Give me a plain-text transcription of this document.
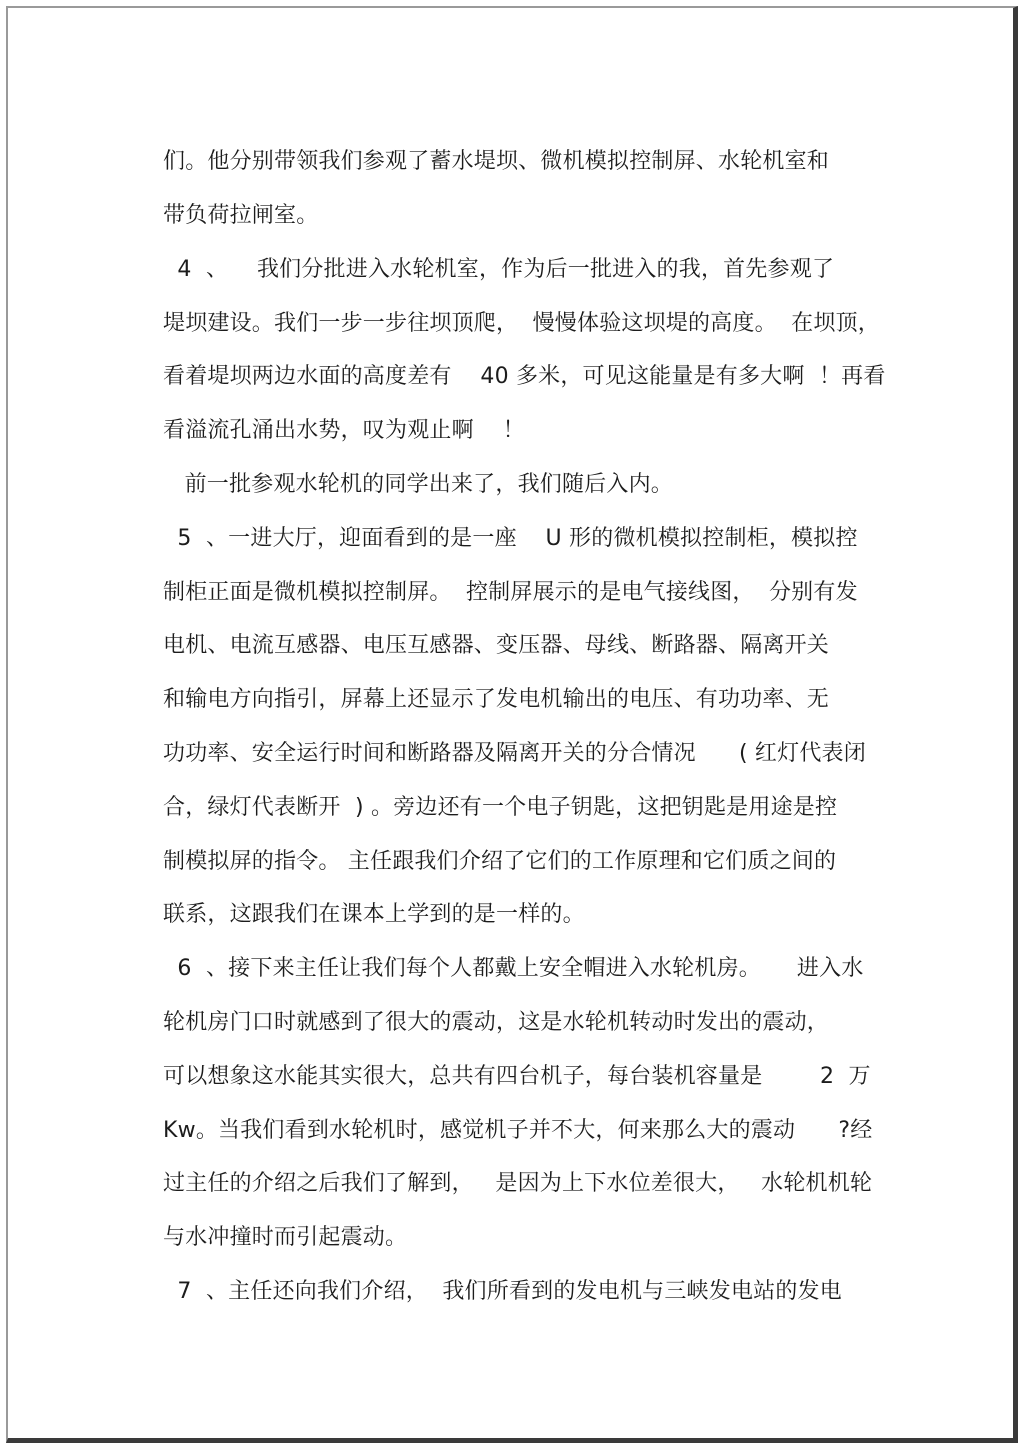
们。他分别带领我们参观了蓄水堤坝、微机模拟控制屏、水轮机室和
带负荷拉闸室。
4  、    我们分批进入水轮机室，作为后一批进入的我，首先参观了
堤坝建设。我们一步一步往坝顶爬，  慢慢体验这坝堤的高度。  在坝顶，
看着堤坝两边水面的高度差有    40 多米，可见这能量是有多大啊  ！再看
看溢流孔涌出水势，叹为观止啊    ！
前一批参观水轮机的同学出来了，我们随后入内。
5  、一进大厅，迎面看到的是一座    U 形的微机模拟控制柜，模拟控
制柜正面是微机模拟控制屏。  控制屏展示的是电气接线图，  分别有发
电机、电流互感器、电压互感器、变压器、母线、断路器、隔离开关
和输电方向指引，屏幕上还显示了发电机输出的电压、有功功率、无
功功率、安全运行时间和断路器及隔离开关的分合情况      ( 红灯代表闭
合，绿灯代表断开  ) 。旁边还有一个电子钥匙，这把钥匙是用途是控
制模拟屏的指令。 主任跟我们介绍了它们的工作原理和它们质之间的
联系，这跟我们在课本上学到的是一样的。
6  、接下来主任让我们每个人都戴上安全帽进入水轮机房。     进入水
轮机房门口时就感到了很大的震动，这是水轮机转动时发出的震动，
可以想象这水能其实很大，总共有四台机子，每台装机容量是        2  万
Kw。当我们看到水轮机时，感觉机子并不大，何来那么大的震动      ?经
过主任的介绍之后我们了解到，   是因为上下水位差很大，   水轮机机轮
与水冲撞时而引起震动。
7  、主任还向我们介绍，  我们所看到的发电机与三峡发电站的发电
